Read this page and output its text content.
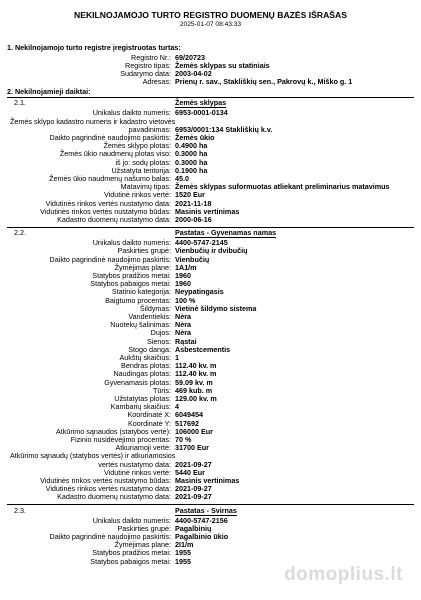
NEKILNOJAMOJO TURTO REGISTRO DUOMENŲ BAZĖS IŠRAŠAS
2025-01-07 08:43:33
1. Nekilnojamojo turto registre įregistruotas turtas:
Registro Nr.: 69/20723
Registro tipas: Žemės sklypas su statiniais
Sudarymo data: 2003-04-02
Adresas: Prienų r. sav., Stakliškių sen., Pakrovų k., Miško g. 1
2. Nekilnojamieji daiktai:
2.1.	Žemės sklypas
Unikalus daikto numeris: 6953-0001-0134
Žemės sklypo kadastro numeris ir kadastro vietovės
pavadinimas: 6953/0001:134 Stakliškių k.v.
Daikto pagrindinė naudojimo paskirtis: Žemės ūkio
Žemės sklypo plotas: 0.4900 ha
Žemės ūkio naudmenų plotas viso: 0.3000 ha
iš jo: sodų plotas: 0.3000 ha
Užstatyta teritorija: 0.1900 ha
Žemės ūkio naudmenų našumo balas: 45.0
Matavimų tipas: Žemės sklypas suformuotas atliekant preliminarius matavimus
Vidutinė rinkos vertė: 1520 Eur
Vidutinės rinkos vertės nustatymo data: 2021-11-18
Vidutinės rinkos vertės nustatymo būdas: Masinis vertinimas
Kadastro duomenų nustatymo data: 2000-06-16
2.2.	Pastatas - Gyvenamas namas
Unikalus daikto numeris: 4400-5747-2145
Paskirties grupė: Vienbučių ir dvibučių
Daikto pagrindinė naudojimo paskirtis: Vienbučių
Žymėjimas plane: 1A1/m
Statybos pradžios metai: 1960
Statybos pabaigos metai: 1960
Statinio kategorija: Neypatingasis
Baigtumo procentas: 100 %
Šildymas: Vietinė šildymo sistema
Vandentiekis: Nėra
Nuotekų šalinimas: Nėra
Dujos: Nėra
Sienos: Rąstai
Stogo danga: Asbestcementis
Aukštų skaičius: 1
Bendras plotas: 112.40 kv. m
Naudingas plotas: 112.40 kv. m
Gyvenamasis plotas: 59.09 kv. m
Tūris: 469 kub. m
Užstatytas plotas: 129.00 kv. m
Kambarių skaičius: 4
Koordinatė X: 6049454
Koordinatė Y: 517692
Atkūrimo sąnaudos (statybos vertė): 106000 Eur
Fizinio nusidėvėjimo procentas: 70 %
Atkuriamoji vertė: 31700 Eur
Atkūrimo sąnaudų (statybos vertės) ir atkuriamosios
vertės nustatymo data: 2021-09-27
Vidutinė rinkos vertė: 5440 Eur
Vidutinės rinkos vertės nustatymo būdas: Masinis vertinimas
Vidutinės rinkos vertės nustatymo data: 2021-09-27
Kadastro duomenų nustatymo data: 2021-09-27
2.3.	Pastatas - Svirnas
Unikalus daikto numeris: 4400-5747-2156
Paskirties grupė: Pagalbinių
Daikto pagrindinė naudojimo paskirtis: Pagalbinio ūkio
Žymėjimas plane: 2I1/m
Statybos pradžios metai: 1955
Statybos pabaigos metai: 1955
domoplius.lt
